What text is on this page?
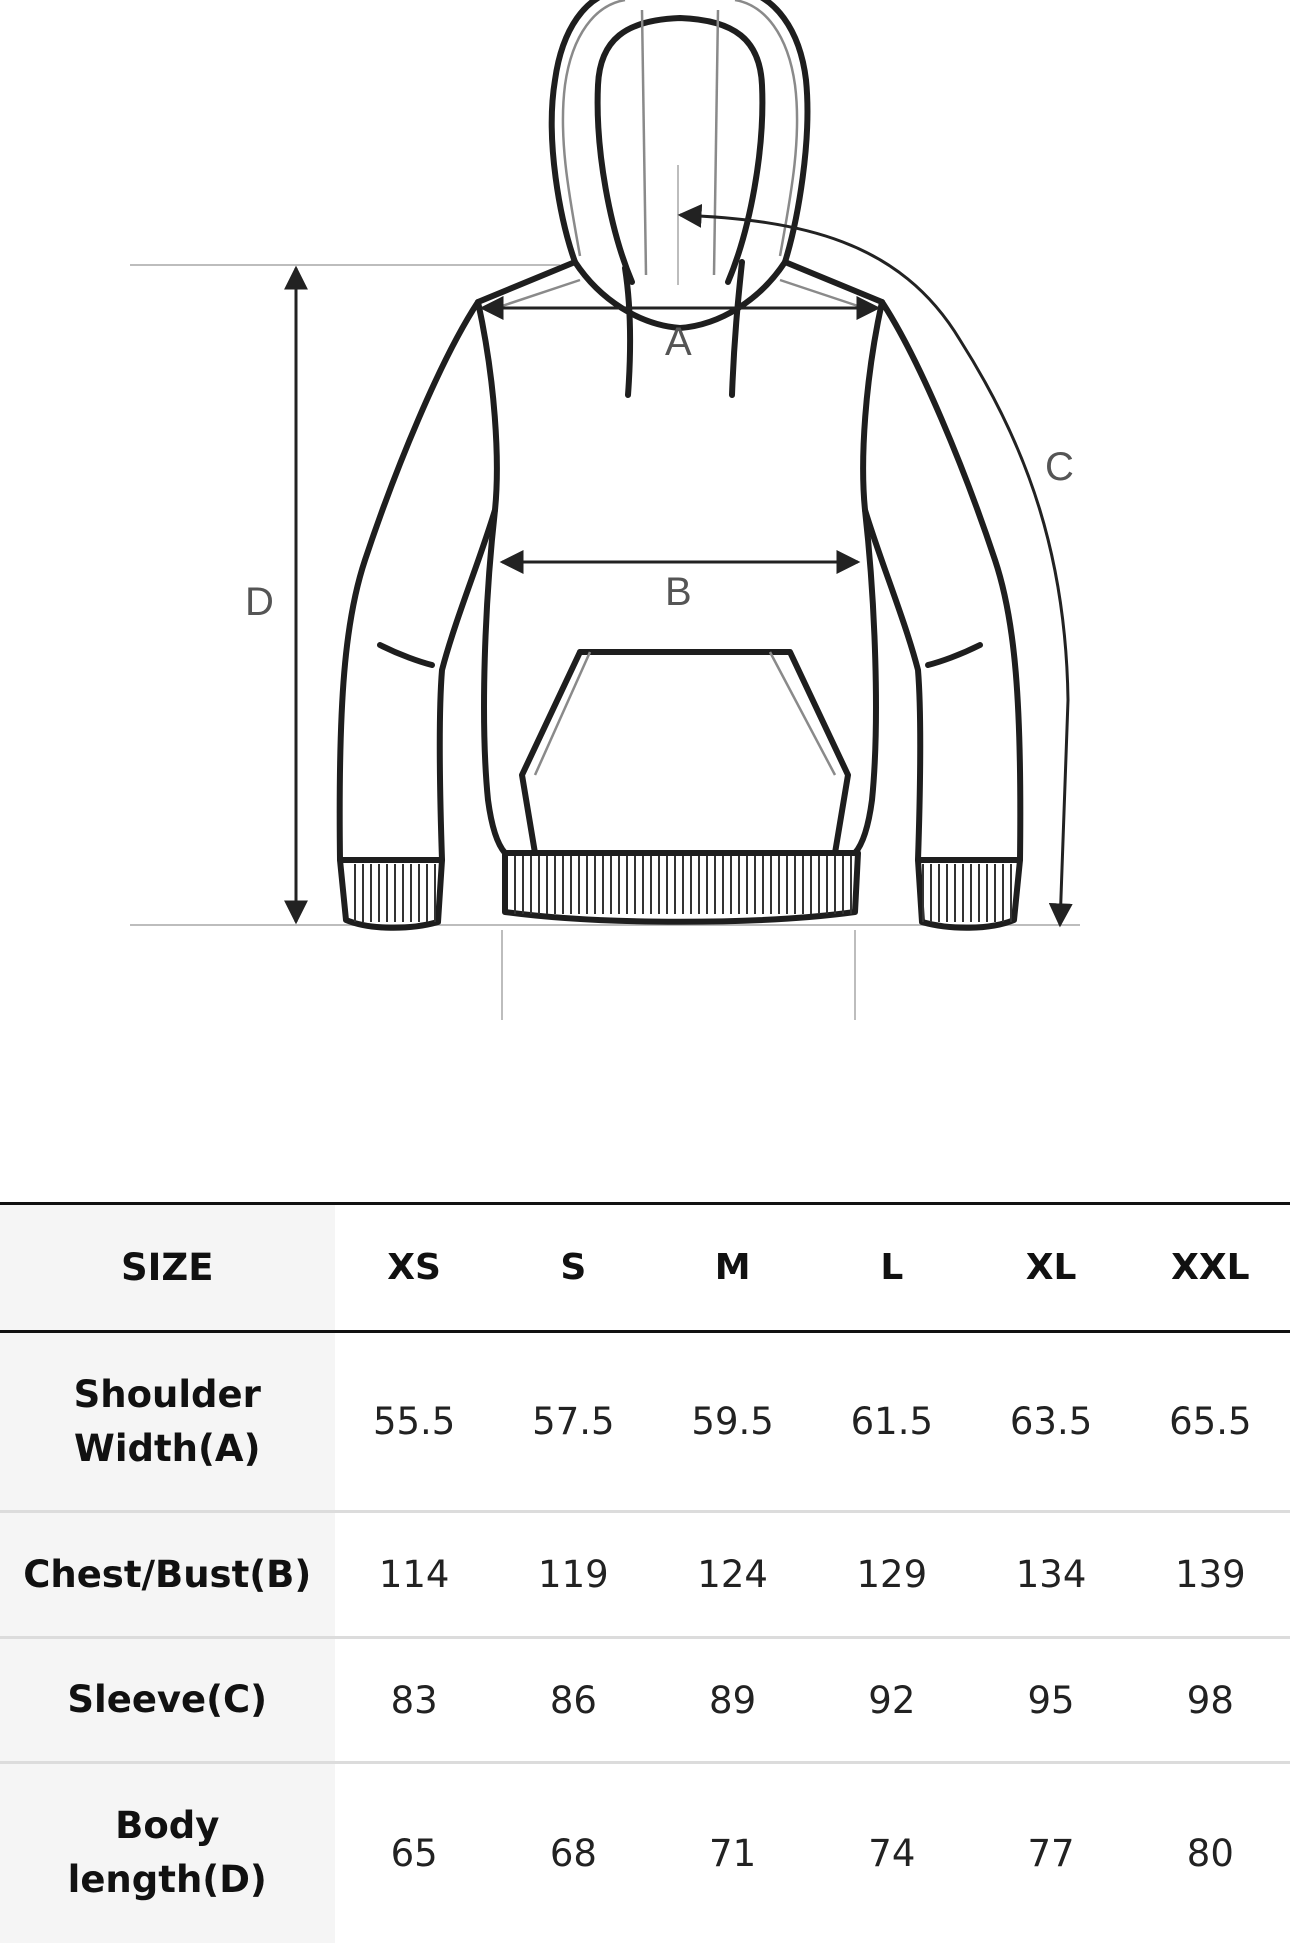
A
B
C
D
SIZE	XS	S	M	L	XL	XXL
Shoulder Width(A)	55.5	57.5	59.5	61.5	63.5	65.5
Chest/Bust(B)	114	119	124	129	134	139
Sleeve(C)	83	86	89	92	95	98
Body length(D)	65	68	71	74	77	80
